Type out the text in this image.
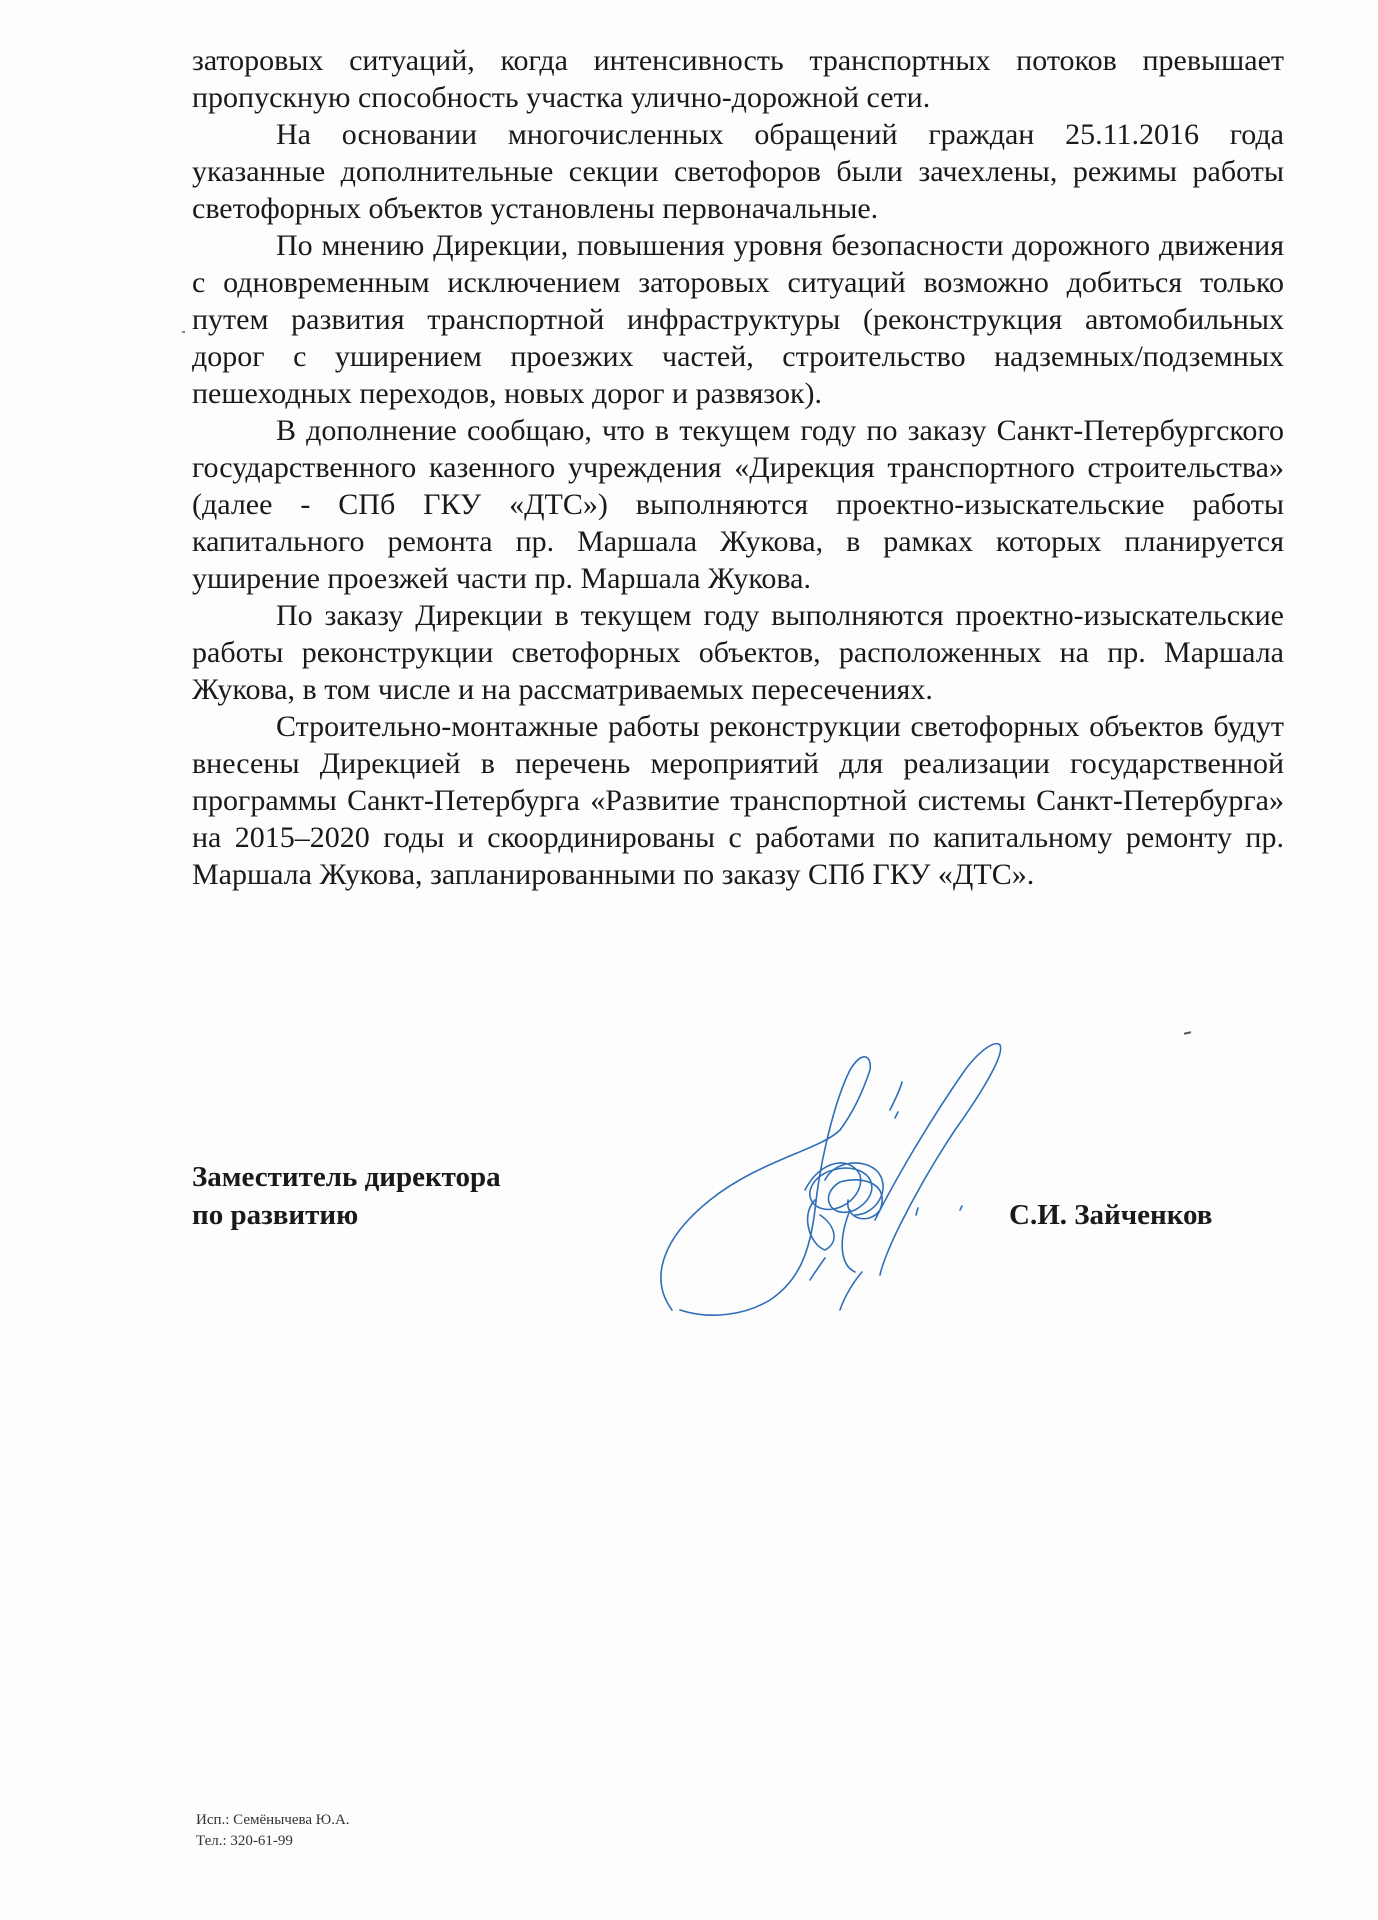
заторовых ситуаций, когда интенсивность транспортных потоков превышает пропускную способность участка улично-дорожной сети.

На основании многочисленных обращений граждан 25.11.2016 года указанные дополнительные секции светофоров были зачехлены, режимы работы светофорных объектов установлены первоначальные.

По мнению Дирекции, повышения уровня безопасности дорожного движения с одновременным исключением заторовых ситуаций возможно добиться только путем развития транспортной инфраструктуры (реконструкция автомобильных дорог с уширением проезжих частей, строительство надземных/подземных пешеходных переходов, новых дорог и развязок).

В дополнение сообщаю, что в текущем году по заказу Санкт-Петербургского государственного казенного учреждения «Дирекция транспортного строительства» (далее - СПб ГКУ «ДТС») выполняются проектно-изыскательские работы капитального ремонта пр. Маршала Жукова, в рамках которых планируется уширение проезжей части пр. Маршала Жукова.

По заказу Дирекции в текущем году выполняются проектно-изыскательские работы реконструкции светофорных объектов, расположенных на пр. Маршала Жукова, в том числе и на рассматриваемых пересечениях.

Строительно-монтажные работы реконструкции светофорных объектов будут внесены Дирекцией в перечень мероприятий для реализации государственной программы Санкт-Петербурга «Развитие транспортной системы Санкт-Петербурга» на 2015–2020 годы и скоординированы с работами по капитальному ремонту пр. Маршала Жукова, запланированными по заказу СПб ГКУ «ДТС».

Заместитель директора
по развитию	С.И. Зайченков
Исп.: Семёнычева Ю.А.
Тел.: 320-61-99
